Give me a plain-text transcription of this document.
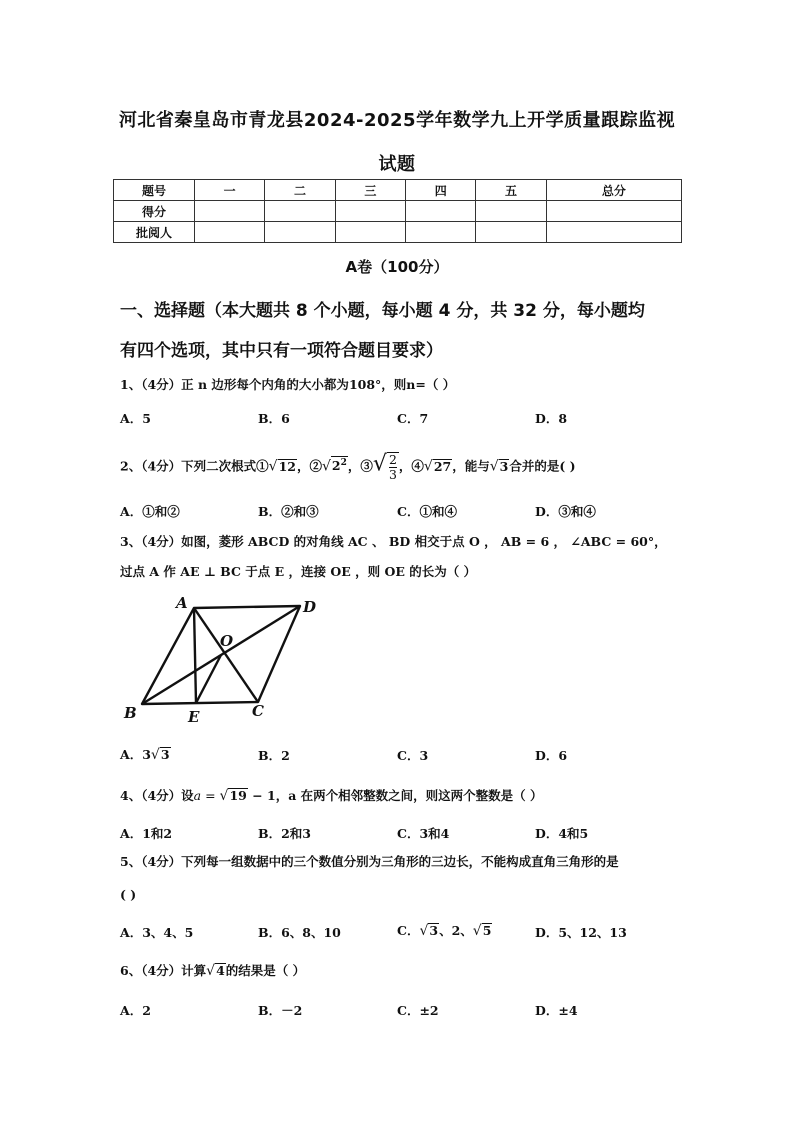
河北省秦皇岛市青龙县2024-2025学年数学九上开学质量跟踪监视
试题
题号	一	二	三	四	五	总分
得分						
批阅人						
A卷（100分）
一、选择题（本大题共 8 个小题，每小题 4 分，共 32 分，每小题均
有四个选项，其中只有一项符合题目要求）
1、（4分）正 n 边形每个内角的大小都为108°，则n=（ ）
A．5	B．6	C．7	D．8
2、（4分）下列二次根式①√12，$②√2^2$，③√ $\frac{2}{3}$ ，④√27，能与√3合并的是( )
A．①和②	B．②和③	C．①和④	D．③和④
3、（4分）如图，菱形 ABCD 的对角线 AC 、 BD 相交于点 O ， AB = 6 ， ∠ABC = 60°，
过点 A 作 AE ⊥ BC 于点 E ，连接 OE ，则 OE 的长为（ ）
A	D
O
B	E	C
A．3√3	B．2	C．3	D．6
4、（4分）设a = √19 − 1，a 在两个相邻整数之间，则这两个整数是（ ）
A．1和2	B．2和3	C．3和4	D．4和5
5、（4分）下列每一组数据中的三个数值分别为三角形的三边长，不能构成直角三角形的是
( )
A．3、4、5	B．6、8、10	C．√3、2、√5	D．5、12、13
6、（4分）计算√4的结果是（ ）
A．2	B．－2	C．±2	D．±4
